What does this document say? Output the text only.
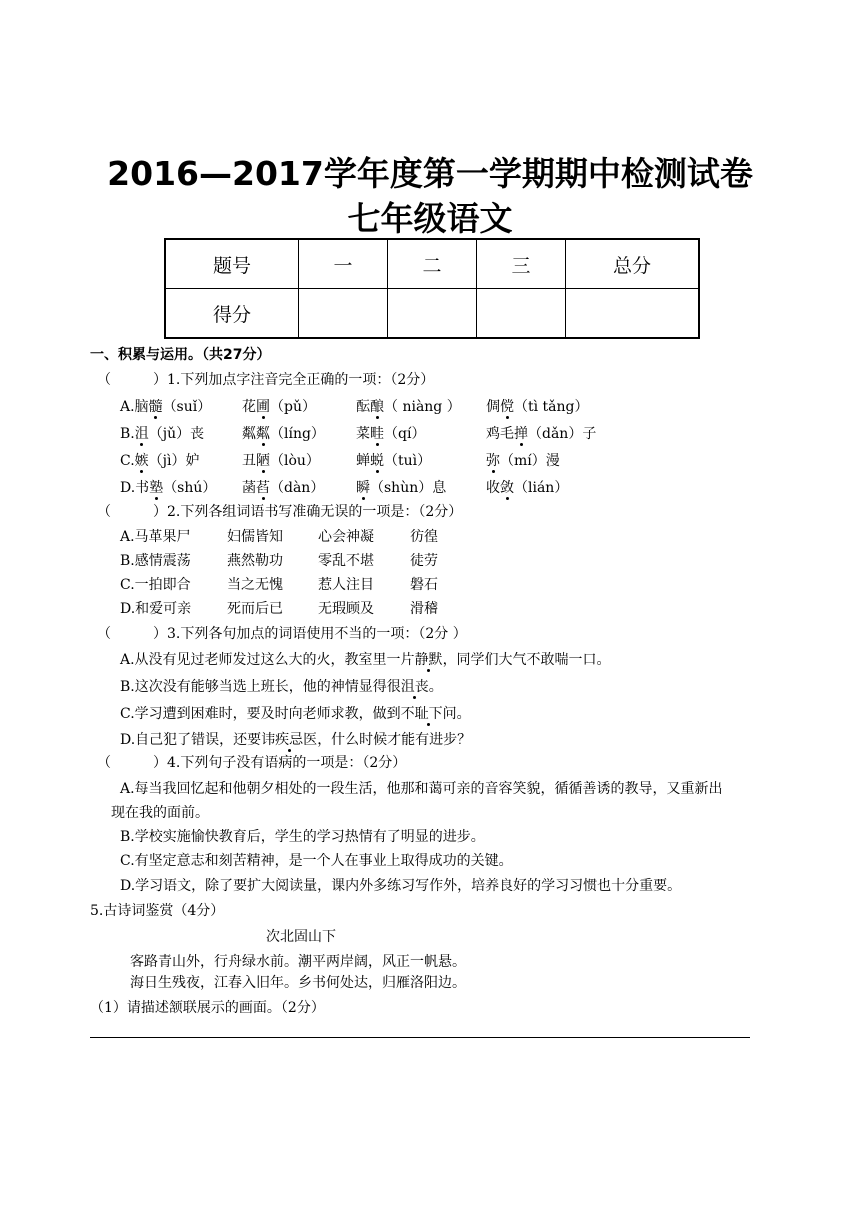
2016—2017学年度第一学期期中检测试卷
七年级语文
题号	一	二	三	总分
得分				
一、积累与运用。（共27分）
（　　　）1.下列加点字注音完全正确的一项：（2分）
A.脑髓（suǐ） 花圃（pǔ）	酝酿（ niàng ） 倜傥（tì tǎng）
B.沮（jǔ）丧	粼粼（líng） 菜畦（qí）	鸡毛掸（dǎn）子
C.嫉（jì）妒	丑陋（lòu）	蝉蜕（tuì）	弥（mí）漫
D.书塾（shú） 菡萏（dàn） 瞬（shùn）息	收敛（lián）
（　　　）2.下列各组词语书写准确无误的一项是：（2分）
A.马革果尸	妇儒皆知	心会神凝	彷徨
B.感情震荡	燕然勒功	零乱不堪	徒劳
C.一拍即合	当之无愧	惹人注目	磐石
D.和爱可亲	死而后已	无瑕顾及	滑稽
（　　　）3.下列各句加点的词语使用不当的一项：（2分 ）
A.从没有见过老师发过这么大的火，教室里一片静默，同学们大气不敢喘一口。
B.这次没有能够当选上班长，他的神情显得很沮丧。
C.学习遭到困难时，要及时向老师求教，做到不耻下问。
D.自己犯了错误，还要讳疾忌医，什么时候才能有进步？
（　　　）4.下列句子没有语病的一项是：（2分）
A.每当我回忆起和他朝夕相处的一段生活，他那和蔼可亲的音容笑貌，循循善诱的教导，又重新出
现在我的面前。
B.学校实施愉快教育后，学生的学习热情有了明显的进步。
C.有坚定意志和刻苦精神，是一个人在事业上取得成功的关键。
D.学习语文，除了要扩大阅读量，课内外多练习写作外，培养良好的学习习惯也十分重要。
5.古诗词鉴赏（4分）
次北固山下
客路青山外，行舟绿水前。潮平两岸阔，风正一帆悬。
海日生残夜，江春入旧年。乡书何处达，归雁洛阳边。
（1）请描述颔联展示的画面。（2分）
